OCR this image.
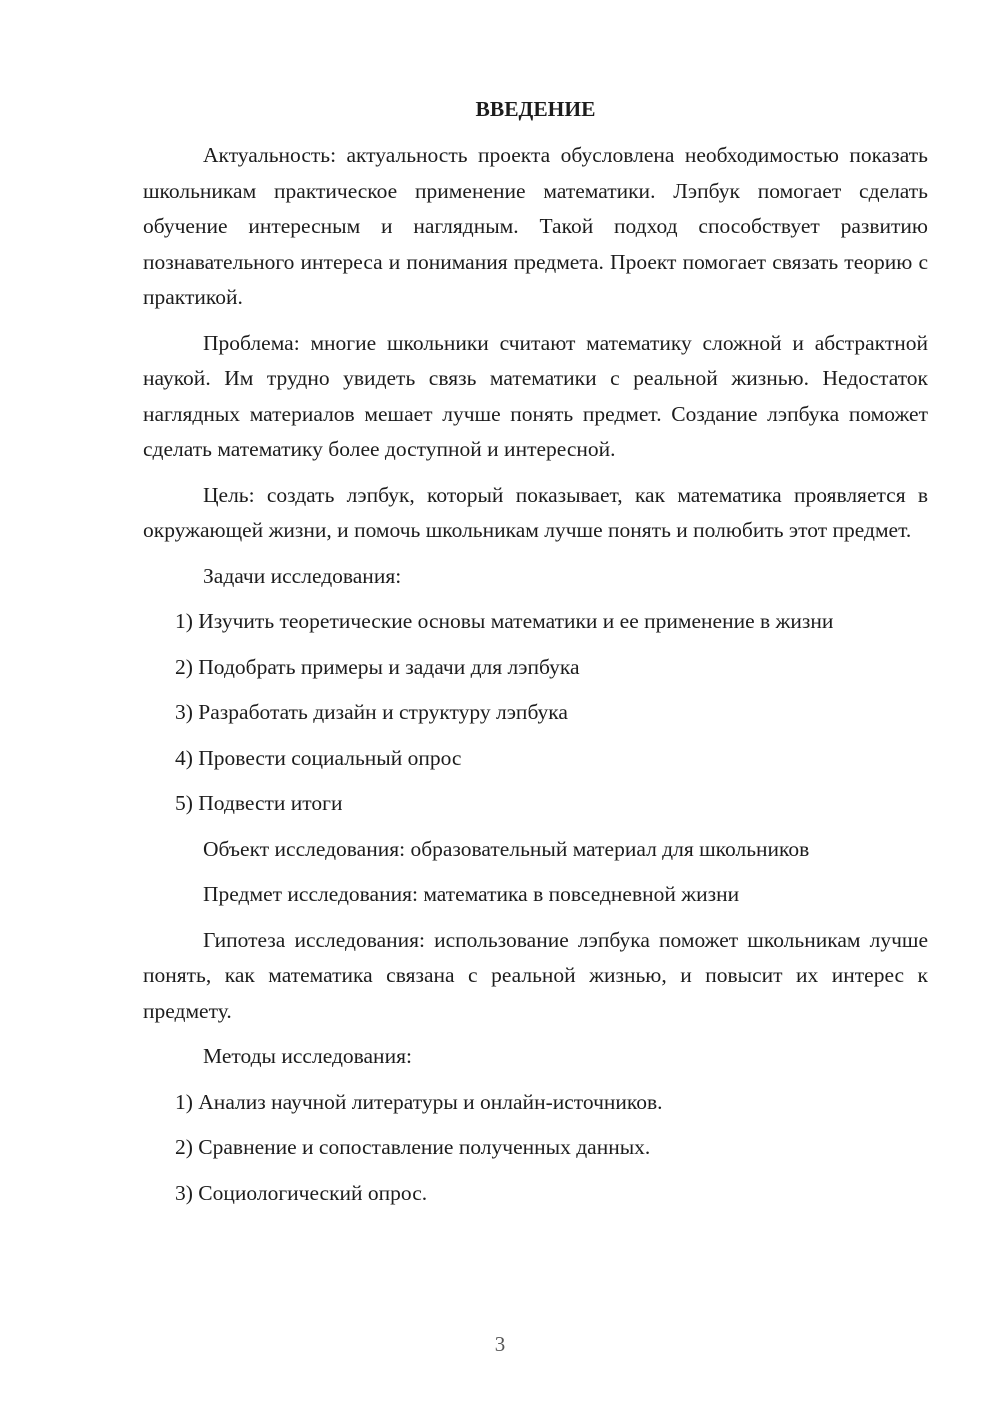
ВВЕДЕНИЕ

Актуальность: актуальность проекта обусловлена необходимостью показать школьникам практическое применение математики. Лэпбук помогает сделать обучение интересным и наглядным. Такой подход способствует развитию познавательного интереса и понимания предмета. Проект помогает связать теорию с практикой.

Проблема: многие школьники считают математику сложной и абстрактной наукой. Им трудно увидеть связь математики с реальной жизнью. Недостаток наглядных материалов мешает лучше понять предмет. Создание лэпбука поможет сделать математику более доступной и интересной.

Цель: создать лэпбук, который показывает, как математика проявляется в окружающей жизни, и помочь школьникам лучше понять и полюбить этот предмет.

Задачи исследования:

1) Изучить теоретические основы математики и ее применение в жизни

2) Подобрать примеры и задачи для лэпбука

3) Разработать дизайн и структуру лэпбука

4) Провести социальный опрос

5) Подвести итоги

Объект исследования: образовательный материал для школьников

Предмет исследования: математика в повседневной жизни

Гипотеза исследования: использование лэпбука поможет школьникам лучше понять, как математика связана с реальной жизнью, и повысит их интерес к предмету.

Методы исследования:

1) Анализ научной литературы и онлайн-источников.

2) Сравнение и сопоставление полученных данных.

3) Социологический опрос.

3
